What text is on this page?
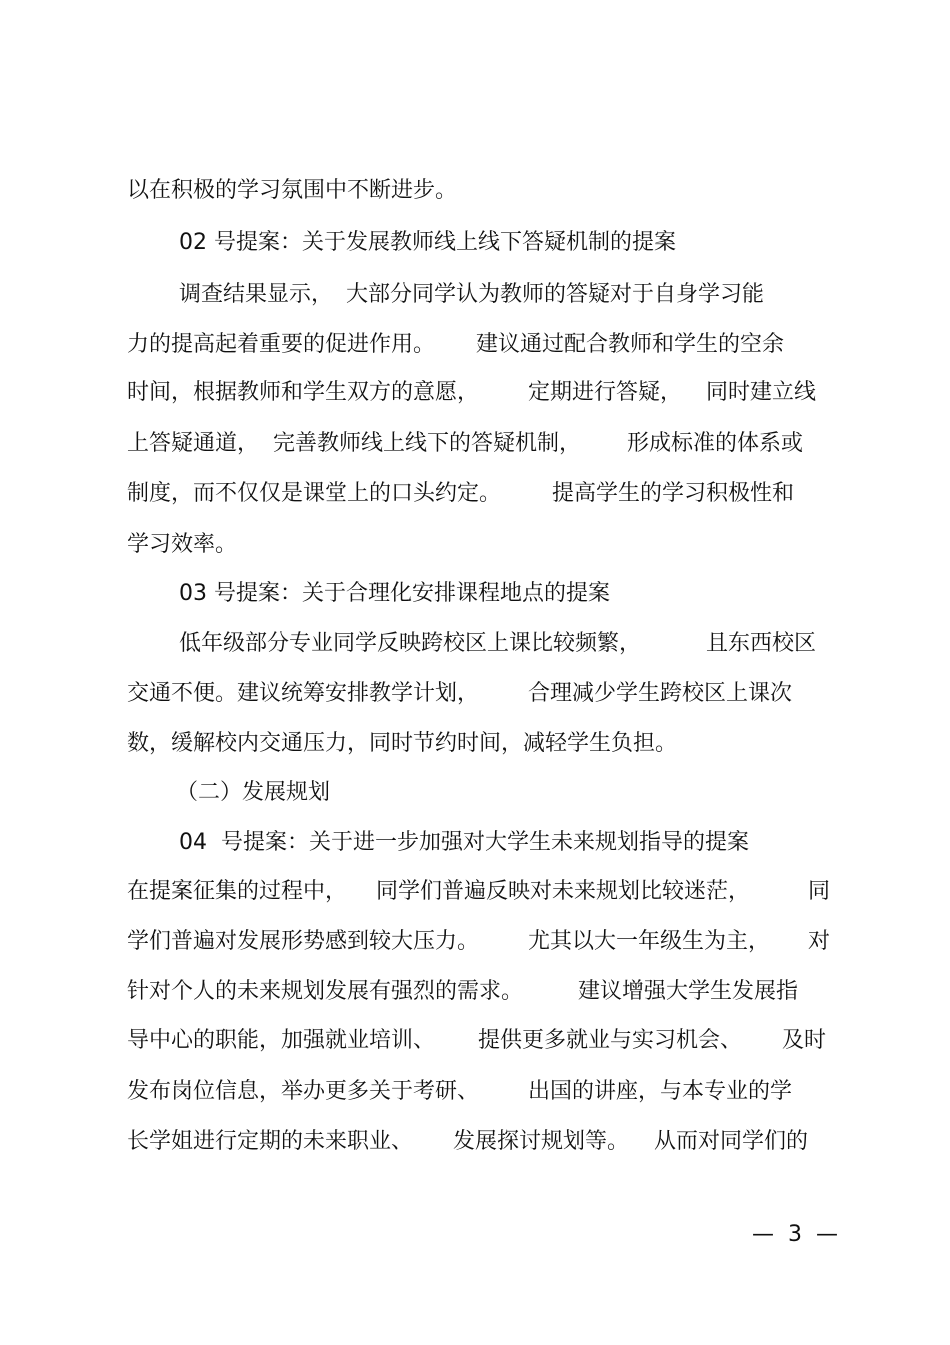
以在积极的学习氛围中不断进步。

02 号提案：关于发展教师线上线下答疑机制的提案

调查结果显示，

大部分同学认为教师的答疑对于自身学习能

力的提高起着重要的促进作用。

建议通过配合教师和学生的空余

时间，根据教师和学生双方的意愿，

定期进行答疑，

同时建立线

上答疑通道，

完善教师线上线下的答疑机制，

形成标准的体系或

制度，而不仅仅是课堂上的口头约定。

提高学生的学习积极性和

学习效率。

03 号提案：关于合理化安排课程地点的提案

低年级部分专业同学反映跨校区上课比较频繁，

	且东西校区

交通不便。建议统筹安排教学计划，

合理减少学生跨校区上课次

数，缓解校内交通压力，同时节约时间，减轻学生负担。

（二）发展规划

04  号提案：关于进一步加强对大学生未来规划指导的提案

在提案征集的过程中，

同学们普遍反映对未来规划比较迷茫，

	同

学们普遍对发展形势感到较大压力。

尤其以大一年级生为主，

对

针对个人的未来规划发展有强烈的需求。

建议增强大学生发展指

导中心的职能，加强就业培训、

提供更多就业与实习机会、

及时

发布岗位信息，举办更多关于考研、

出国的讲座，与本专业的学

长学姐进行定期的未来职业、

发展探讨规划等。

从而对同学们的

—  3  —
